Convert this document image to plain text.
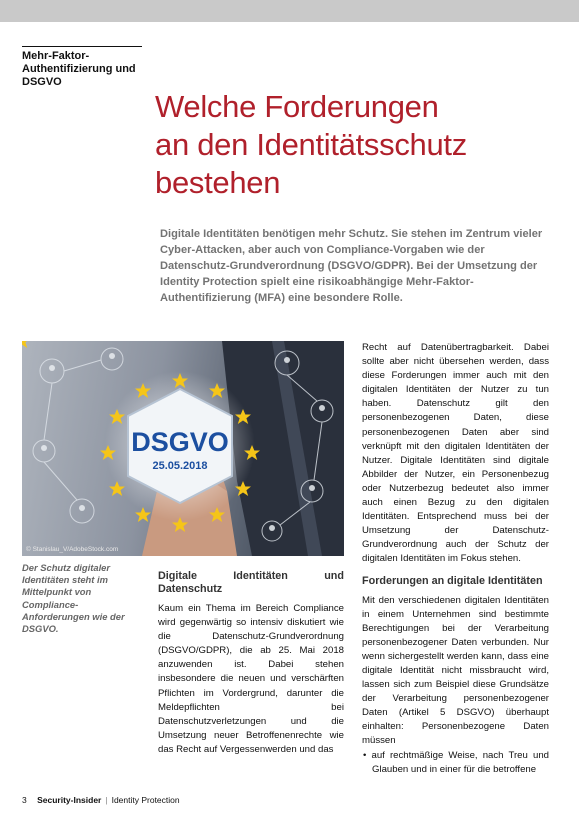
Mehr-Faktor-Authentifizierung und DSGVO
Welche Forderungen
an den Identitätsschutz
bestehen

Digitale Identitäten benötigen mehr Schutz. Sie stehen im Zentrum vieler Cyber-Attacken, aber auch von Compliance-Vorgaben wie der Datenschutz-Grundverordnung (DSGVO/GDPR). Bei der Umsetzung der Identity Protection spielt eine risikoabhängige Mehr-Faktor-Authentifizierung (MFA) eine besondere Rolle.

DSGVO
25.05.2018
© Stanislau_V/AdobeStock.com

Der Schutz digitaler Identitäten steht im Mittelpunkt von Compliance-Anforderungen wie der DSGVO.

Digitale Identitäten und Datenschutz

Kaum ein Thema im Bereich Compliance wird gegenwärtig so intensiv diskutiert wie die Datenschutz-Grundverordnung (DSGVO/GDPR), die ab 25. Mai 2018 anzuwenden ist. Dabei stehen insbesondere die neuen und verschärften Pflichten im Vordergrund, darunter die Meldepflichten bei Datenschutzverletzungen und die Umsetzung neuer Betroffenenrechte wie das Recht auf Vergessenwerden und das

Recht auf Datenübertragbarkeit. Dabei sollte aber nicht übersehen werden, dass diese Forderungen immer auch mit den digitalen Identitäten der Nutzer zu tun haben. Datenschutz gilt den personenbezogenen Daten, diese personenbezogenen Daten aber sind verknüpft mit den digitalen Identitäten der Nutzer. Digitale Identitäten sind digitale Abbilder der Nutzer, ein Personenbezug oder Nutzerbezug bedeutet also immer auch einen Bezug zu den digitalen Identitäten. Entsprechend muss bei der Umsetzung der Datenschutz-Grundverordnung auch der Schutz der digitalen Identitäten im Fokus stehen.

Forderungen an digitale Identitäten

Mit den verschiedenen digitalen Identitäten in einem Unternehmen sind bestimmte Berechtigungen bei der Verarbeitung personenbezogener Daten verbunden. Nur wenn sichergestellt werden kann, dass eine digitale Identität nicht missbraucht wird, lassen sich zum Beispiel diese Grundsätze der Verarbeitung personenbezogener Daten (Artikel 5 DSGVO) überhaupt einhalten: Personenbezogene Daten müssen

• auf rechtmäßige Weise, nach Treu und Glauben und in einer für die betroffene

3 Security-Insider | Identity Protection
